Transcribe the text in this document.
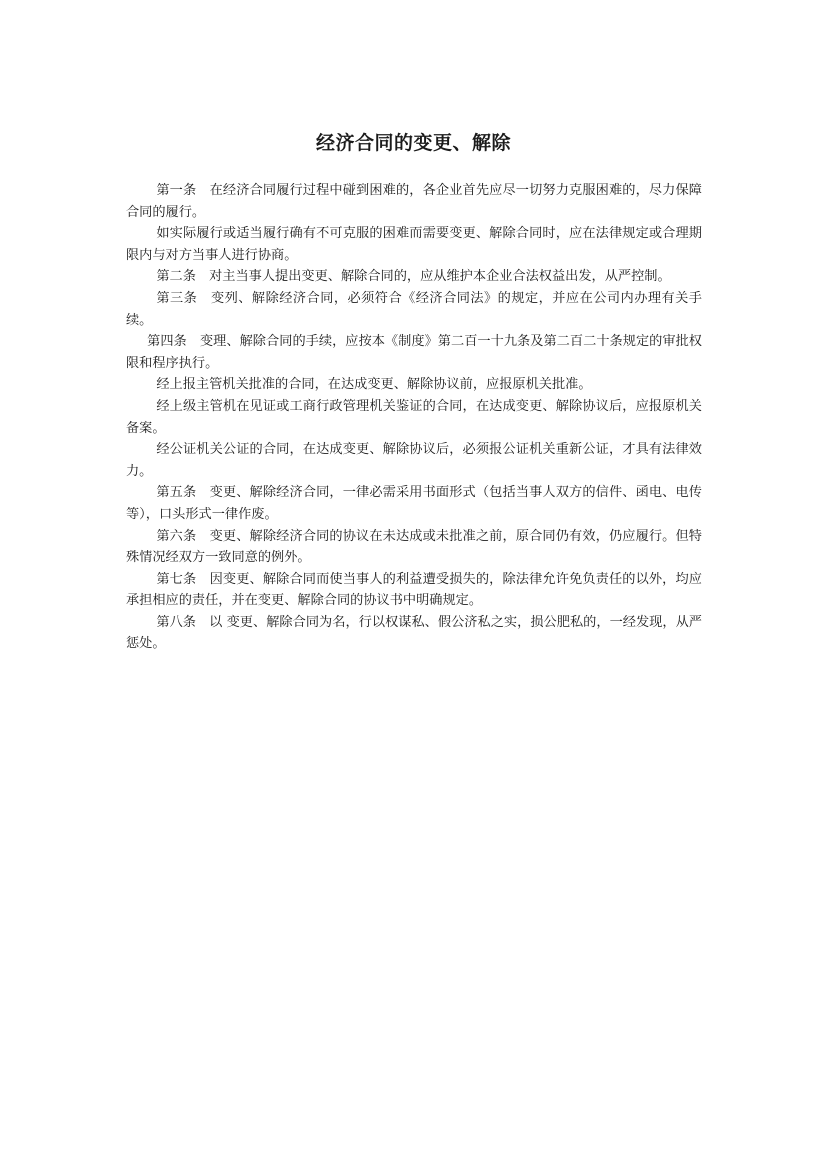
经济合同的变更、解除

第一条　在经济合同履行过程中碰到困难的，各企业首先应尽一切努力克服困难的，尽力保障合同的履行。

如实际履行或适当履行确有不可克服的困难而需要变更、解除合同时，应在法律规定或合理期限内与对方当事人进行协商。

第二条　对主当事人提出变更、解除合同的，应从维护本企业合法权益出发，从严控制。

第三条　变列、解除经济合同，必须符合《经济合同法》的规定，并应在公司内办理有关手续。

第四条　变理、解除合同的手续，应按本《制度》第二百一十九条及第二百二十条规定的审批权限和程序执行。

经上报主管机关批准的合同，在达成变更、解除协议前，应报原机关批准。

经上级主管机在见证或工商行政管理机关鉴证的合同，在达成变更、解除协议后，应报原机关备案。

经公证机关公证的合同，在达成变更、解除协议后，必须报公证机关重新公证，才具有法律效力。

第五条　变更、解除经济合同，一律必需采用书面形式（包括当事人双方的信件、函电、电传等），口头形式一律作废。

第六条　变更、解除经济合同的协议在未达成或未批准之前，原合同仍有效，仍应履行。但特殊情况经双方一致同意的例外。

第七条　因变更、解除合同而使当事人的利益遭受损失的，除法律允许免负责任的以外，均应承担相应的责任，并在变更、解除合同的协议书中明确规定。

第八条　以 变更、解除合同为名，行以权谋私、假公济私之实，损公肥私的，一经发现，从严惩处。
